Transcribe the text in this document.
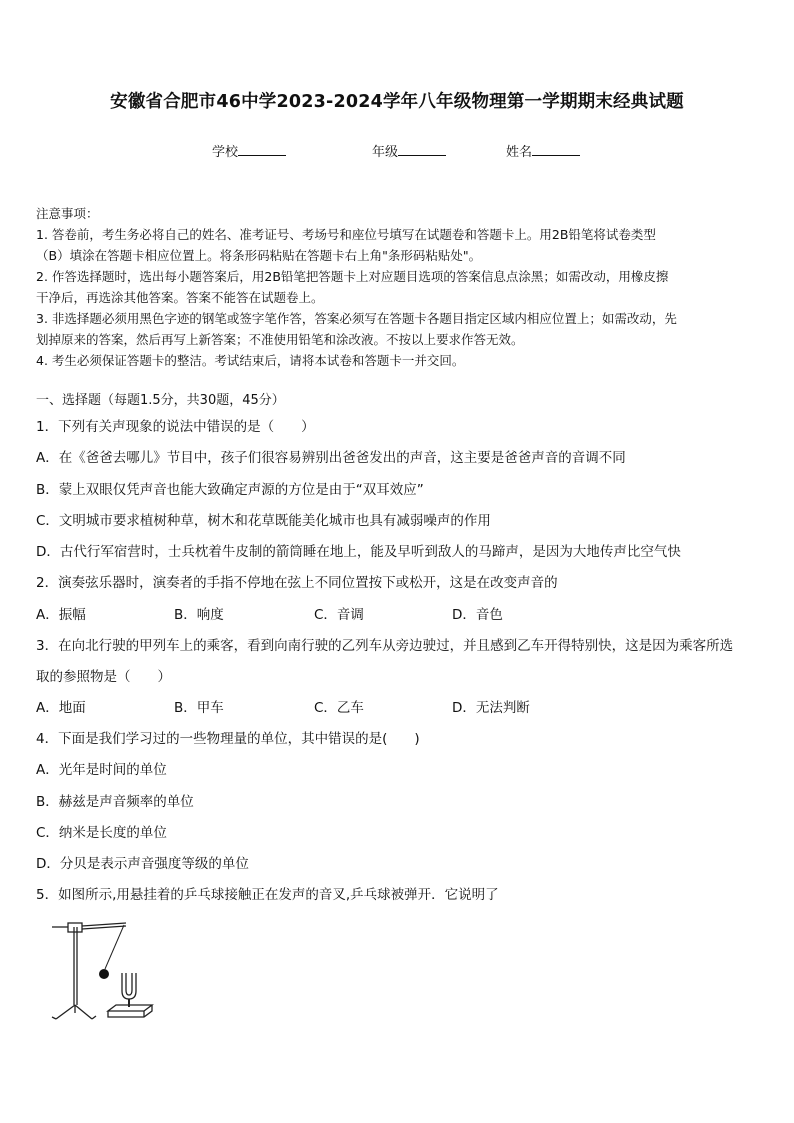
安徽省合肥市46中学2023-2024学年八年级物理第一学期期末经典试题
学校	年级	姓名
注意事项：
1. 答卷前，考生务必将自己的姓名、准考证号、考场号和座位号填写在试题卷和答题卡上。用2B铅笔将试卷类型
（B）填涂在答题卡相应位置上。将条形码粘贴在答题卡右上角"条形码粘贴处"。
2. 作答选择题时，选出每小题答案后，用2B铅笔把答题卡上对应题目选项的答案信息点涂黑；如需改动，用橡皮擦
干净后，再选涂其他答案。答案不能答在试题卷上。
3. 非选择题必须用黑色字迹的钢笔或签字笔作答，答案必须写在答题卡各题目指定区域内相应位置上；如需改动，先
划掉原来的答案，然后再写上新答案；不准使用铅笔和涂改液。不按以上要求作答无效。
4. 考生必须保证答题卡的整洁。考试结束后，请将本试卷和答题卡一并交回。
一、选择题（每题1.5分，共30题，45分）
1．下列有关声现象的说法中错误的是（　　）
A．在《爸爸去哪儿》节目中，孩子们很容易辨别出爸爸发出的声音，这主要是爸爸声音的音调不同
B．蒙上双眼仅凭声音也能大致确定声源的方位是由于“双耳效应”
C．文明城市要求植树种草，树木和花草既能美化城市也具有减弱噪声的作用
D．古代行军宿营时，士兵枕着牛皮制的箭筒睡在地上，能及早听到敌人的马蹄声，是因为大地传声比空气快
2．演奏弦乐器时，演奏者的手指不停地在弦上不同位置按下或松开，这是在改变声音的
A．振幅	B．响度	C．音调	D．音色
3．在向北行驶的甲列车上的乘客，看到向南行驶的乙列车从旁边驶过，并且感到乙车开得特别快，这是因为乘客所选
取的参照物是（　　）
A．地面	B．甲车	C．乙车	D．无法判断
4．下面是我们学习过的一些物理量的单位，其中错误的是(　　)
A．光年是时间的单位
B．赫兹是声音频率的单位
C．纳米是长度的单位
D．分贝是表示声音强度等级的单位
5．如图所示,用悬挂着的乒乓球接触正在发声的音叉,乒乓球被弹开．它说明了
